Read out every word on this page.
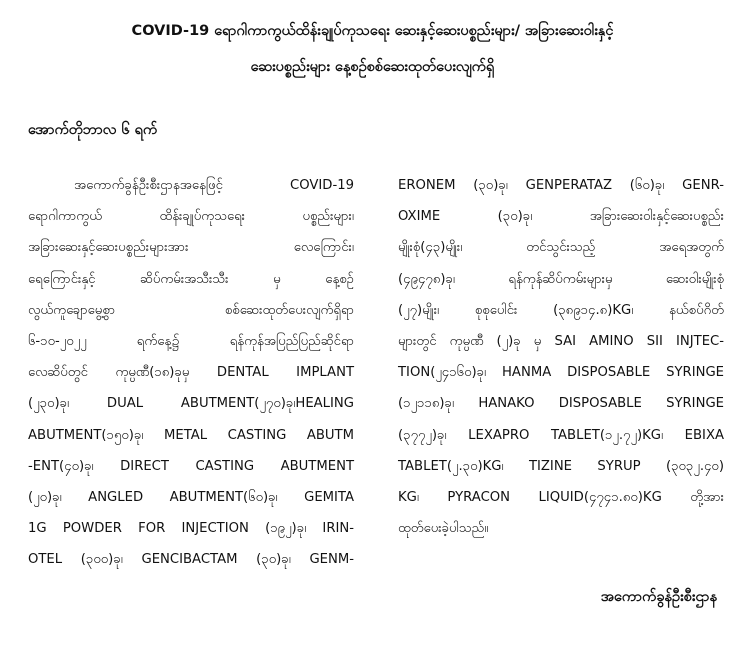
COVID-19 ရောဂါကာကွယ်ထိန်းချုပ်ကုသရေး ဆေးနှင့်ဆေးပစ္စည်းများ/ အခြားဆေးဝါးနှင့်
ဆေးပစ္စည်းများ နေ့စဉ်စစ်ဆေးထုတ်ပေးလျက်ရှိ
အောက်တိုဘာလ ၆ ရက်
အကောက်ခွန်ဦးစီးဌာနအနေဖြင့် COVID-19
ရောဂါကာကွယ် ထိန်းချုပ်ကုသရေး ပစ္စည်းများ၊
အခြားဆေးနှင့်ဆေးပစ္စည်းများအား လေကြောင်း၊
ရေကြောင်းနှင့် ဆိပ်ကမ်းအသီးသီး မှ နေ့စဉ်
လွယ်ကူချောမွေ့စွာ စစ်ဆေးထုတ်ပေးလျက်ရှိရာ
၆-၁၀-၂၀၂၂ ရက်နေ့၌ ရန်ကုန်အပြည်ပြည်ဆိုင်ရာ
လေဆိပ်တွင် ကုမ္ပဏီ(၁၈)ခုမှ DENTAL IMPLANT
(၂၃၀)ခု၊ DUAL ABUTMENT(၂၇၀)ခု၊HEALING
ABUTMENT(၁၅၀)ခု၊ METAL CASTING ABUTM
-ENT(၄၀)ခု၊ DIRECT CASTING ABUTMENT
(၂၀)ခု၊ ANGLED ABUTMENT(၆၀)ခု၊ GEMITA
1G POWDER FOR INJECTION (၁၉၂)ခု၊ IRIN-
OTEL (၃၀၀)ခု၊ GENCIBACTAM (၃၀)ခု၊ GENM-
ERONEM (၃၀)ခု၊ GENPERATAZ (၆၀)ခု၊ GENR-
OXIME (၃၀)ခု၊ အခြားဆေးဝါးနှင့်ဆေးပစ္စည်း
မျိုးစုံ(၄၃)မျိုး၊ တင်သွင်းသည့် အရေအတွက်
(၄၉၄၇၈)ခု၊ ရန်ကုန်ဆိပ်ကမ်းများမှ ဆေးဝါးမျိုးစုံ
(၂၇)မျိုး၊ စုစုပေါင်း (၃၈၉၁၄.၈)KG၊ နယ်စပ်ဂိတ်
များတွင် ကုမ္ပဏီ (၂)ခု မှ SAI AMINO SII INJTEC-
TION(၂၄၁၆၀)ခု၊ HANMA DISPOSABLE SYRINGE
(၁၂၁၁၈)ခု၊ HANAKO DISPOSABLE SYRINGE
(၃၇၇၂)ခု၊ LEXAPRO TABLET(၁၂.၇၂)KG၊ EBIXA
TABLET(၂.၃၀)KG၊ TIZINE SYRUP (၃၀၃၂.၄၀)
KG၊ PYRACON LIQUID(၄၇၄၁.၈၀)KG တို့အား
ထုတ်ပေးခဲ့ပါသည်။
အကောက်ခွန်ဦးစီးဌာန
